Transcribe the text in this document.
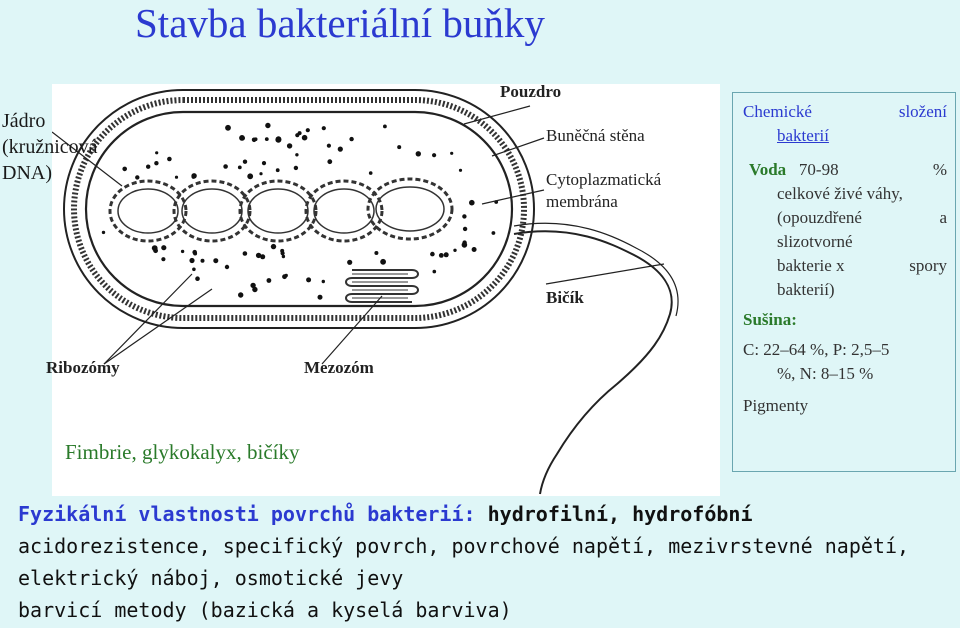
Stavba bakteriální buňky
Pouzdro
Buněčná stěna
Cytoplazmatická
membrána
Bičík
Ribozómy	Mezozóm
Jádro
(kružnicová
DNA)
Fimbrie, glykokalyx, bičíky
Chemické	složení
bakterií
Voda 70-98	%
celkové živé váhy,
(opouzdřené	a
slizotvorné
bakterie x	spory
bakterií)
Sušina:
C: 22–64 %, P: 2,5–5
%, N: 8–15 %
Pigmenty
Fyzikální vlastnosti povrchů bakterií: hydrofilní, hydrofóbní
acidorezistence, specifický povrch, povrchové napětí, mezivrstevné napětí,
elektrický náboj, osmotické jevy
barvicí metody (bazická a kyselá barviva)
